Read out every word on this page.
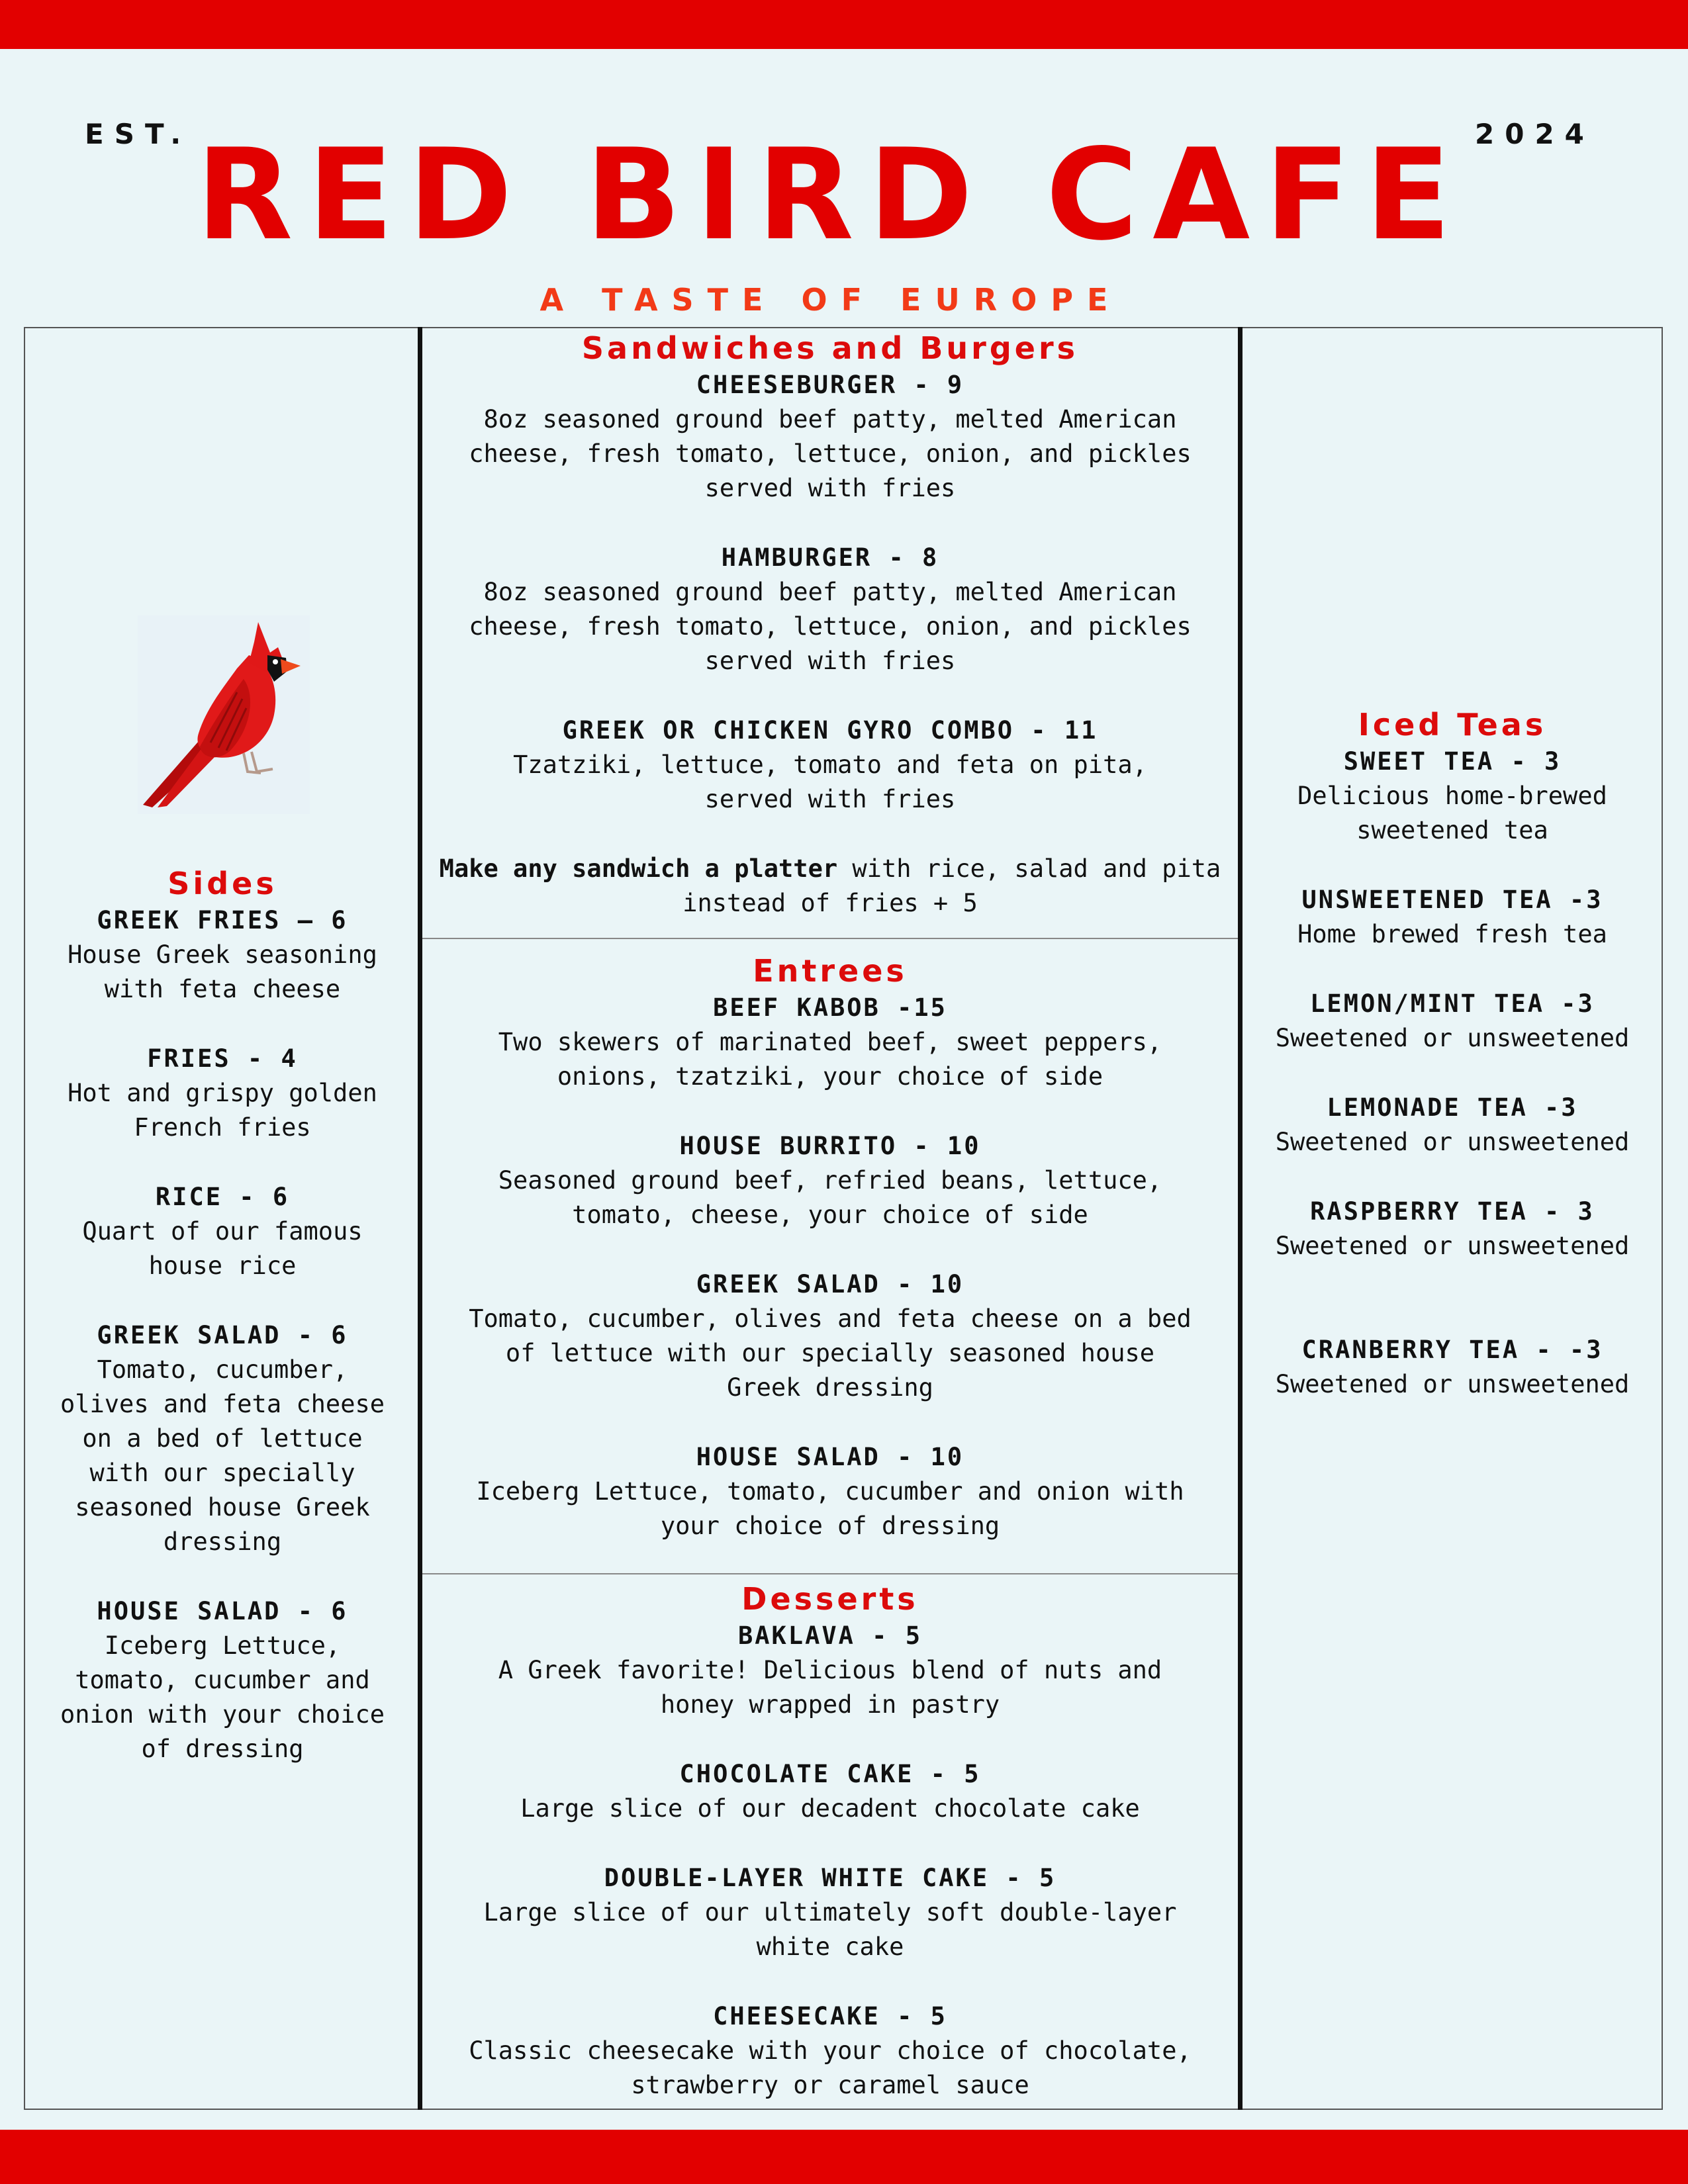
EST.	2024
RED BIRD CAFE
A TASTE OF EUROPE
Sides
GREEK FRIES – 6
House Greek seasoning
with feta cheese
FRIES - 4
Hot and grispy golden
French fries
RICE - 6
Quart of our famous
house rice
GREEK SALAD - 6
Tomato, cucumber,
olives and feta cheese
on a bed of lettuce
with our specially
seasoned house Greek
dressing
HOUSE SALAD - 6
Iceberg Lettuce,
tomato, cucumber and
onion with your choice
of dressing
Sandwiches and Burgers
CHEESEBURGER - 9
8oz seasoned ground beef patty, melted American
cheese, fresh tomato, lettuce, onion, and pickles
served with fries
HAMBURGER - 8
8oz seasoned ground beef patty, melted American
cheese, fresh tomato, lettuce, onion, and pickles
served with fries
GREEK OR CHICKEN GYRO COMBO - 11
Tzatziki, lettuce, tomato and feta on pita,
served with fries
Make any sandwich a platter with rice, salad and pita instead of fries + 5
Entrees
BEEF KABOB -15
Two skewers of marinated beef, sweet peppers,
onions, tzatziki, your choice of side
HOUSE BURRITO - 10
Seasoned ground beef, refried beans, lettuce,
tomato, cheese, your choice of side
GREEK SALAD - 10
Tomato, cucumber, olives and feta cheese on a bed
of lettuce with our specially seasoned house
Greek dressing
HOUSE SALAD - 10
Iceberg Lettuce, tomato, cucumber and onion with
your choice of dressing
Desserts
BAKLAVA - 5
A Greek favorite! Delicious blend of nuts and
honey wrapped in pastry
CHOCOLATE CAKE - 5
Large slice of our decadent chocolate cake
DOUBLE-LAYER WHITE CAKE - 5
Large slice of our ultimately soft double-layer
white cake
CHEESECAKE - 5
Classic cheesecake with your choice of chocolate,
strawberry or caramel sauce
Iced Teas
SWEET TEA - 3
Delicious home-brewed
sweetened tea
UNSWEETENED TEA -3
Home brewed fresh tea
LEMON/MINT TEA -3
Sweetened or unsweetened
LEMONADE TEA -3
Sweetened or unsweetened
RASPBERRY TEA - 3
Sweetened or unsweetened
CRANBERRY TEA - -3
Sweetened or unsweetened
